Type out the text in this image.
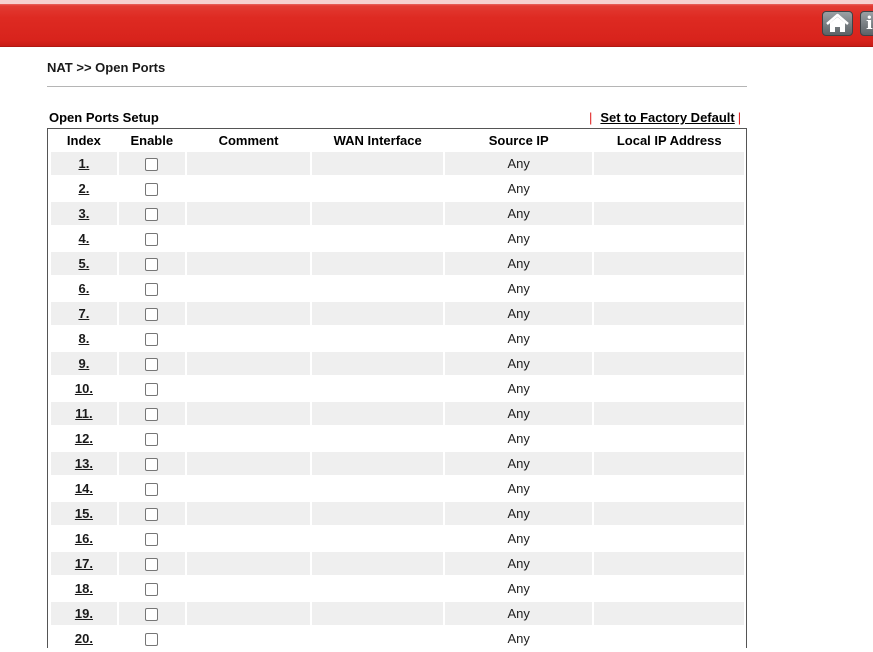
i
NAT >> Open Ports
Open Ports Setup	| Set to Factory Default |
Index	Enable	Comment	WAN Interface	Source IP	Local IP Address
1.				Any	
2.				Any	
3.				Any	
4.				Any	
5.				Any	
6.				Any	
7.				Any	
8.				Any	
9.				Any	
10.				Any	
11.				Any	
12.				Any	
13.				Any	
14.				Any	
15.				Any	
16.				Any	
17.				Any	
18.				Any	
19.				Any	
20.				Any	
